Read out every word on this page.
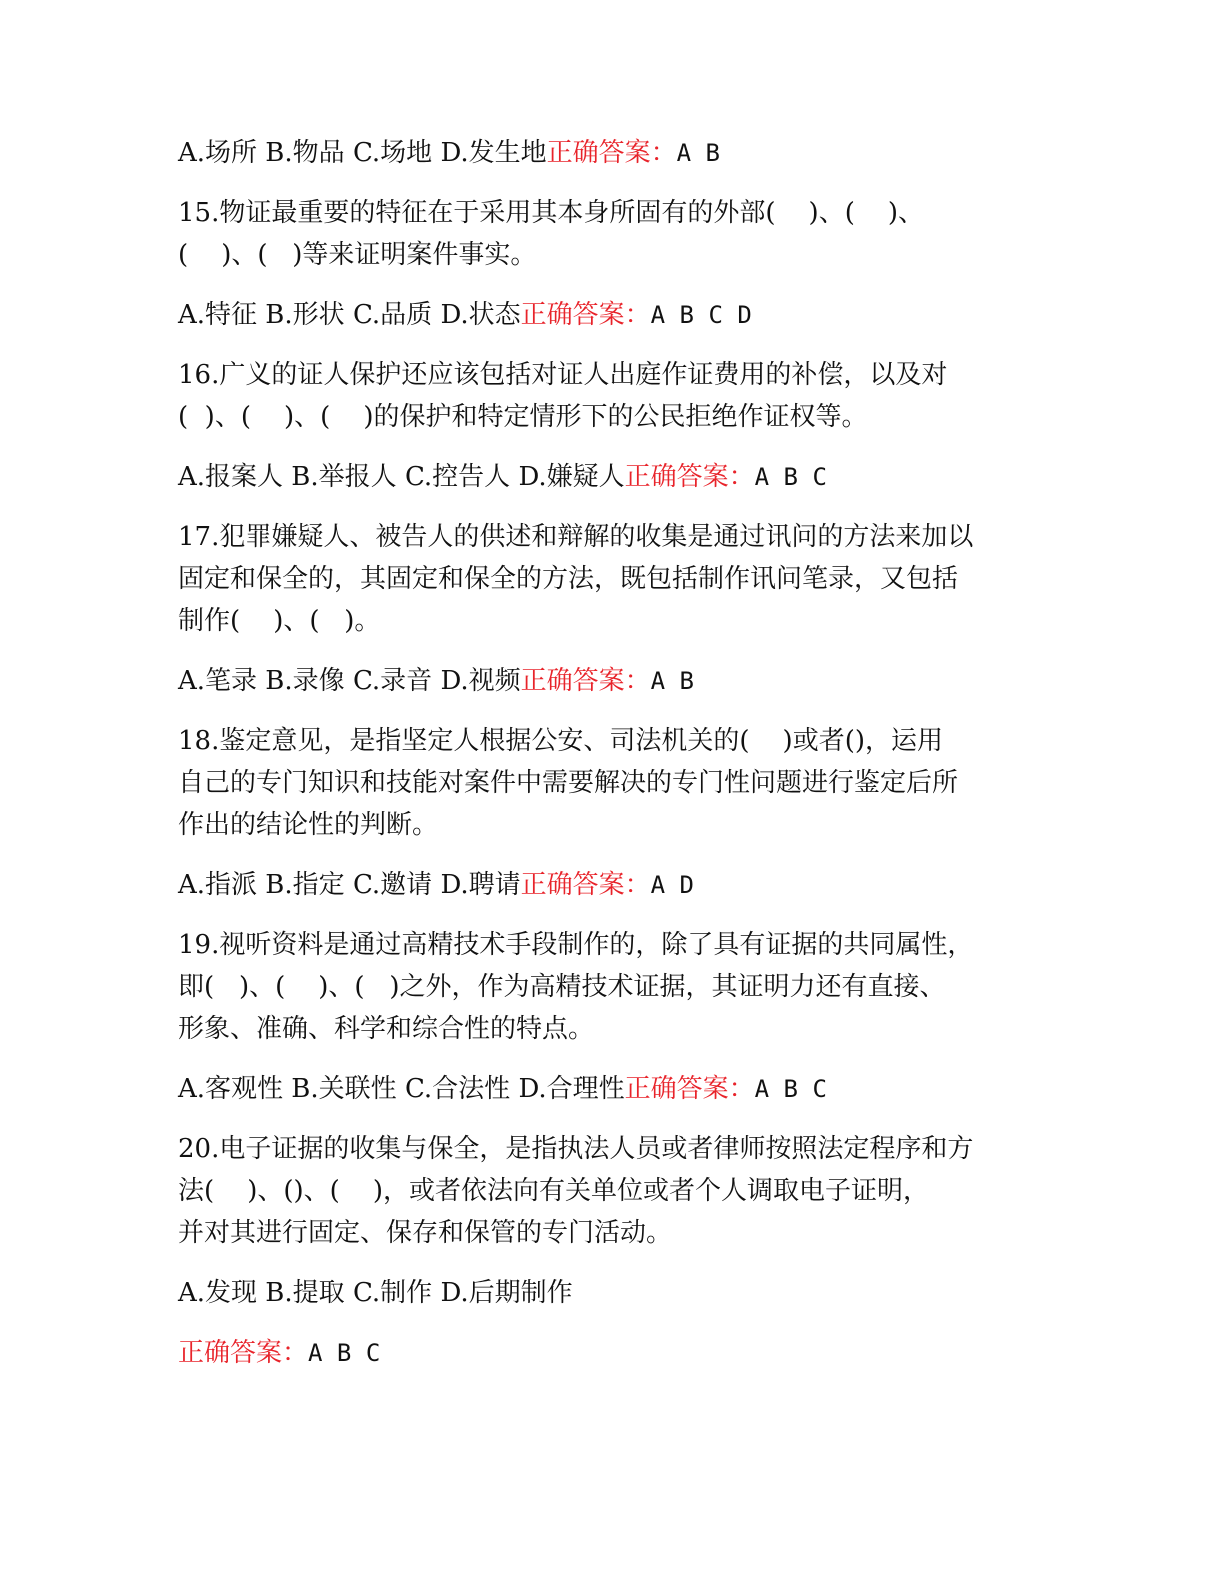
A.场所 B.物品 C.场地 D.发生地正确答案：A B
15.物证最重要的特征在于采用其本身所固有的外部(    )、(    )、
(    )、(   )等来证明案件事实。
A.特征 B.形状 C.品质 D.状态正确答案：A B C D
16.广义的证人保护还应该包括对证人出庭作证费用的补偿，以及对
(  )、(    )、(    )的保护和特定情形下的公民拒绝作证权等。
A.报案人 B.举报人 C.控告人 D.嫌疑人正确答案：A B C
17.犯罪嫌疑人、被告人的供述和辩解的收集是通过讯问的方法来加以
固定和保全的，其固定和保全的方法，既包括制作讯问笔录，又包括
制作(    )、(   )。
A.笔录 B.录像 C.录音 D.视频正确答案：A B
18.鉴定意见，是指坚定人根据公安、司法机关的(    )或者()，运用
自己的专门知识和技能对案件中需要解决的专门性问题进行鉴定后所
作出的结论性的判断。
A.指派 B.指定 C.邀请 D.聘请正确答案：A D
19.视听资料是通过高精技术手段制作的，除了具有证据的共同属性，
即(   )、(    )、(   )之外，作为高精技术证据，其证明力还有直接、
形象、准确、科学和综合性的特点。
A.客观性 B.关联性 C.合法性 D.合理性正确答案：A B C
20.电子证据的收集与保全，是指执法人员或者律师按照法定程序和方
法(    )、()、(    )，或者依法向有关单位或者个人调取电子证明，
并对其进行固定、保存和保管的专门活动。
A.发现 B.提取 C.制作 D.后期制作
正确答案：A B C
